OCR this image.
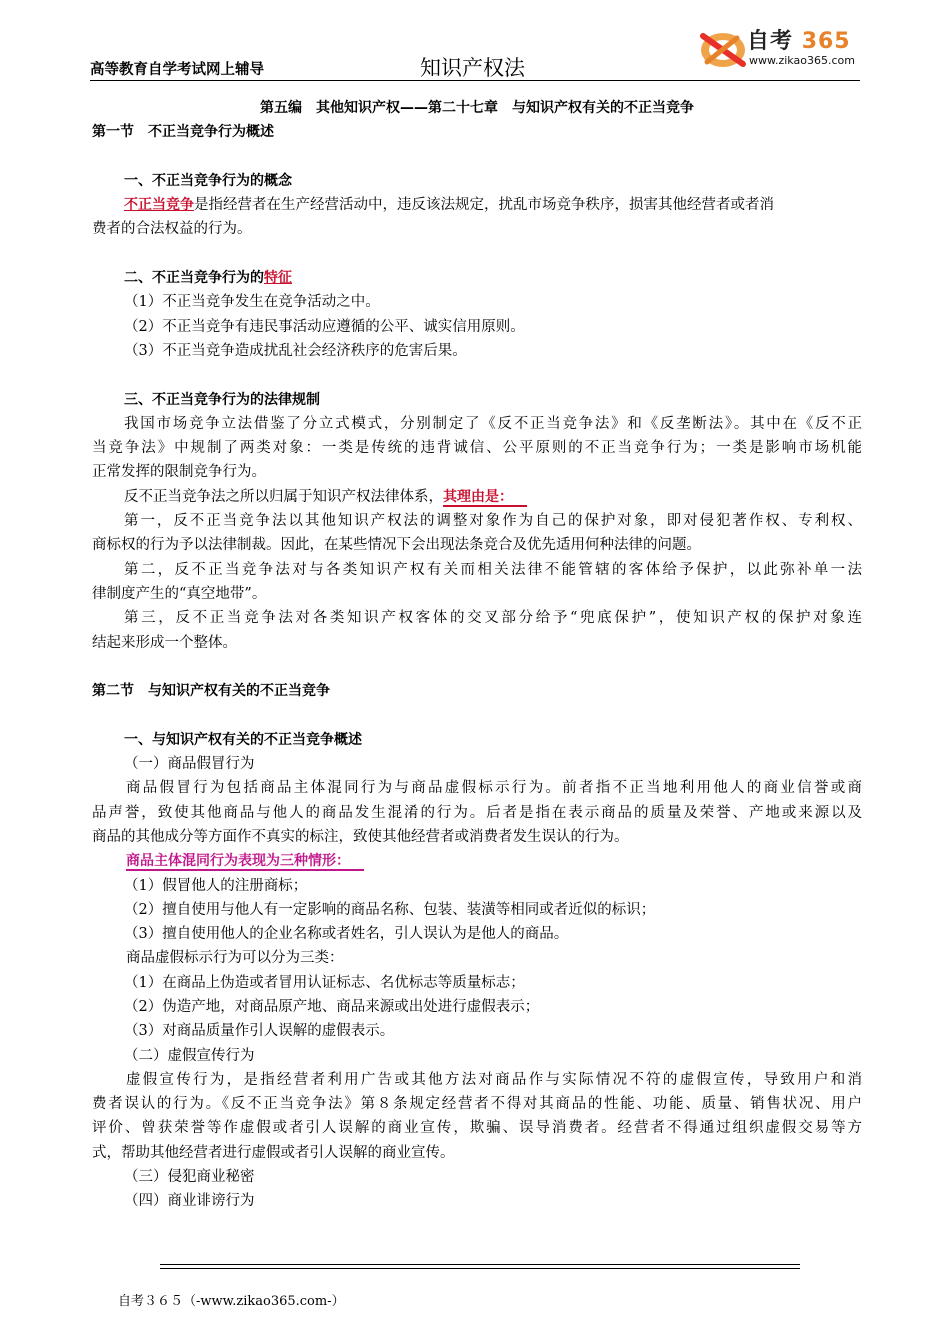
高等教育自学考试网上辅导	知识产权法
自考 365
www.zikao365.com
第五编　其他知识产权——第二十七章　与知识产权有关的不正当竞争
第一节　不正当竞争行为概述
一、不正当竞争行为的概念
不正当竞争是指经营者在生产经营活动中，违反该法规定，扰乱市场竞争秩序，损害其他经营者或者消
费者的合法权益的行为。
二、不正当竞争行为的特征
（1）不正当竞争发生在竞争活动之中。
（2）不正当竞争有违民事活动应遵循的公平、诚实信用原则。
（3）不正当竞争造成扰乱社会经济秩序的危害后果。
三、不正当竞争行为的法律规制
我国市场竞争立法借鉴了分立式模式，分别制定了《反不正当竞争法》和《反垄断法》。其中在《反不正
当竞争法》中规制了两类对象：一类是传统的违背诚信、公平原则的不正当竞争行为；一类是影响市场机能
正常发挥的限制竞争行为。
反不正当竞争法之所以归属于知识产权法律体系，其理由是：
第一，反不正当竞争法以其他知识产权法的调整对象作为自己的保护对象，即对侵犯著作权、专利权、
商标权的行为予以法律制裁。因此，在某些情况下会出现法条竞合及优先适用何种法律的问题。
第二，反不正当竞争法对与各类知识产权有关而相关法律不能管辖的客体给予保护，以此弥补单一法
律制度产生的“真空地带”。
第三，反不正当竞争法对各类知识产权客体的交叉部分给予“兜底保护”，使知识产权的保护对象连
结起来形成一个整体。
第二节　与知识产权有关的不正当竞争
一、与知识产权有关的不正当竞争概述
（一）商品假冒行为
商品假冒行为包括商品主体混同行为与商品虚假标示行为。前者指不正当地利用他人的商业信誉或商
品声誉，致使其他商品与他人的商品发生混淆的行为。后者是指在表示商品的质量及荣誉、产地或来源以及
商品的其他成分等方面作不真实的标注，致使其他经营者或消费者发生误认的行为。
商品主体混同行为表现为三种情形：
（1）假冒他人的注册商标；
（2）擅自使用与他人有一定影响的商品名称、包装、装潢等相同或者近似的标识；
（3）擅自使用他人的企业名称或者姓名，引人误认为是他人的商品。
商品虚假标示行为可以分为三类：
（1）在商品上伪造或者冒用认证标志、名优标志等质量标志；
（2）伪造产地，对商品原产地、商品来源或出处进行虚假表示；
（3）对商品质量作引人误解的虚假表示。
（二）虚假宣传行为
虚假宣传行为，是指经营者利用广告或其他方法对商品作与实际情况不符的虚假宣传，导致用户和消
费者误认的行为。《反不正当竞争法》第８条规定经营者不得对其商品的性能、功能、质量、销售状况、用户
评价、曾获荣誉等作虚假或者引人误解的商业宣传，欺骗、误导消费者。经营者不得通过组织虚假交易等方
式，帮助其他经营者进行虚假或者引人误解的商业宣传。
（三）侵犯商业秘密
（四）商业诽谤行为
自考３６５（-www.zikao365.com-）
